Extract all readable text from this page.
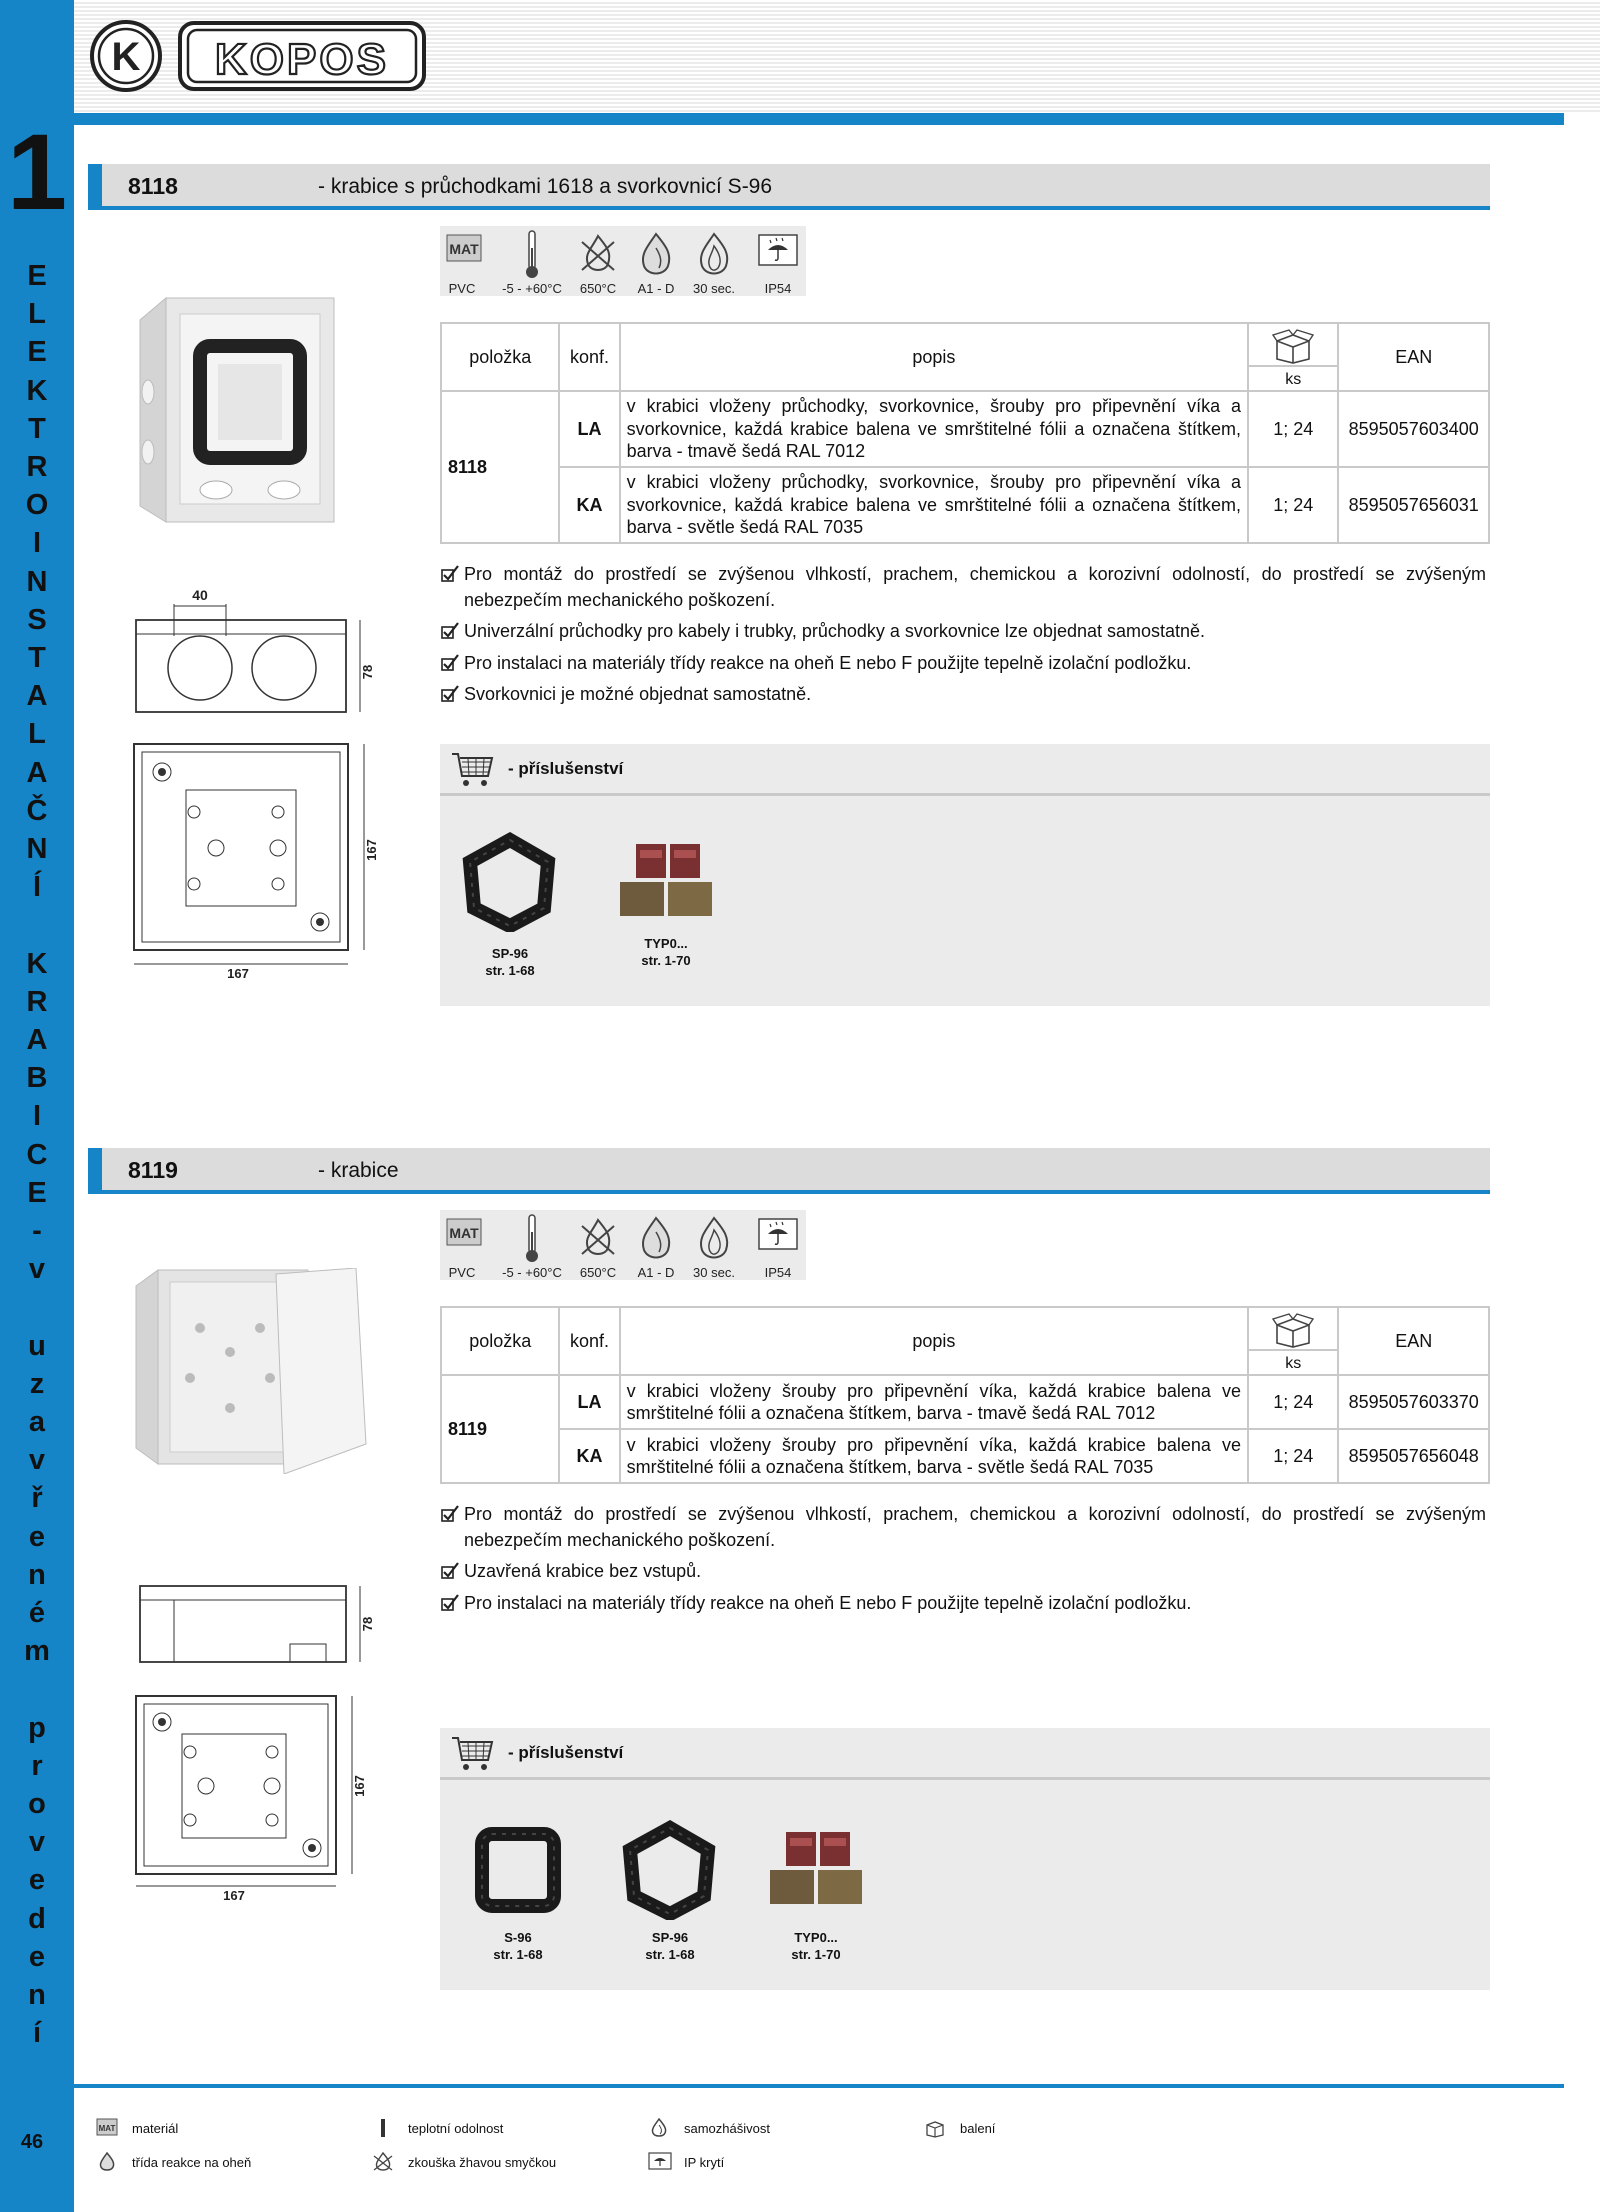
1
E
L
E
K
T
R
O
I
N
S
T
A
L
A
Č
N
Í
K
R
A
B
I
C
E
-
v
u
z
a
v
ř
e
n
é
m
p
r
o
v
e
d
e
n
í
46
K KOPOS
8118	- krabice s průchodkami 1618 a svorkovnicí S-96
MAT
PVC	-5 - +60°C	650°C	A1 - D	30 sec.	IP54
40
78
167
167
položka	konf.	popis	ks	EAN
8118	LA	v krabici vloženy průchodky, svorkovnice, šrouby pro připevnění víka a svorkovnice, každá krabice balena ve smrštitelné fólii a označena štítkem, barva - tmavě šedá RAL 7012	1; 24	8595057603400
	KA	v krabici vloženy průchodky, svorkovnice, šrouby pro připevnění víka a svorkovnice, každá krabice balena ve smrštitelné fólii a označena štítkem, barva - světle šedá RAL 7035	1; 24	8595057656031
Pro montáž do prostředí se zvýšenou vlhkostí, prachem, chemickou a korozivní odolností, do prostředí se zvýšeným nebezpečím mechanického poškození.
Univerzální průchodky pro kabely i trubky, průchodky a svorkovnice lze objednat samostatně.
Pro instalaci na materiály třídy reakce na oheň E nebo F použijte tepelně izolační podložku.
Svorkovnici je možné objednat samostatně.
- příslušenství
SP-96
str. 1-68
TYP0...
str. 1-70
8119	- krabice
MAT
PVC	-5 - +60°C	650°C	A1 - D	30 sec.	IP54
78
167
167
položka	konf.	popis	ks	EAN
8119	LA	v krabici vloženy šrouby pro připevnění víka, každá krabice balena ve smrštitelné fólii a označena štítkem, barva - tmavě šedá RAL 7012	1; 24	8595057603370
	KA	v krabici vloženy šrouby pro připevnění víka, každá krabice balena ve smrštitelné fólii a označena štítkem, barva - světle šedá RAL 7035	1; 24	8595057656048
Pro montáž do prostředí se zvýšenou vlhkostí, prachem, chemickou a korozivní odolností, do prostředí se zvýšeným nebezpečím mechanického poškození.
Uzavřená krabice bez vstupů.
Pro instalaci na materiály třídy reakce na oheň E nebo F použijte tepelně izolační podložku.
- příslušenství
S-96
str. 1-68
SP-96
str. 1-68
TYP0...
str. 1-70
MAT materiál	teplotní odolnost	samozhášivost	balení
třída reakce na oheň	zkouška žhavou smyčkou	IP krytí
